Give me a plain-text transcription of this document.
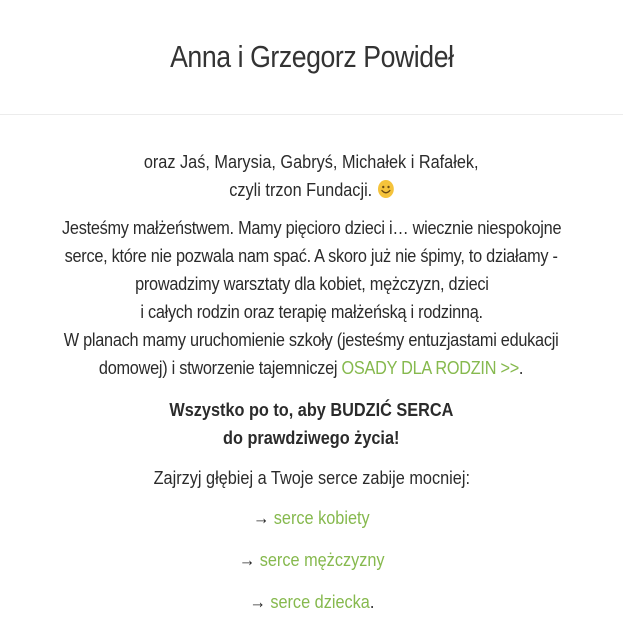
Anna i Grzegorz Powideł

oraz Jaś, Marysia, Gabryś, Michałek i Rafałek,

czyli trzon Fundacji.

Jesteśmy małżeństwem. Mamy pięcioro dzieci i… wiecznie niespokojne

serce, które nie pozwala nam spać. A skoro już nie śpimy, to działamy -

prowadzimy warsztaty dla kobiet, mężczyzn, dzieci

i całych rodzin oraz terapię małżeńską i rodzinną.

W planach mamy uruchomienie szkoły (jesteśmy entuzjastami edukacji

domowej) i stworzenie tajemniczej OSADY DLA RODZIN >>.

Wszystko po to, aby BUDZIĆ SERCA

do prawdziwego życia!

Zajrzyj głębiej a Twoje serce zabije mocniej:

→ serce kobiety
→ serce mężczyzny
→ serce dziecka.
